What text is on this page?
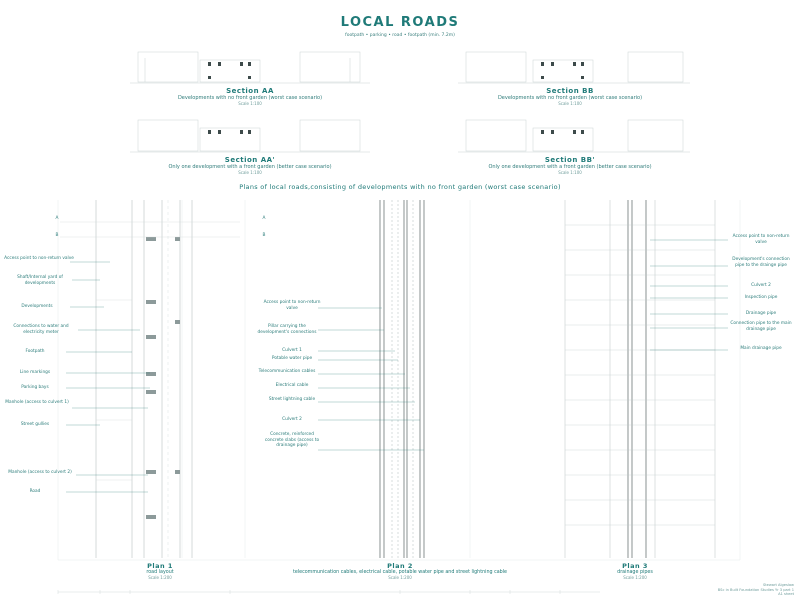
LOCAL ROADS
footpath • parking • road • footpath (min. 7.2m)
Section AA
Developments with no front garden (worst case scenario)
Scale 1:100
Section BB
Developments with no front garden (worst case scenario)
Scale 1:100
Section AA'
Only one development with a front garden (better case scenario)
Scale 1:100
Section BB'
Only one development with a front garden (better case scenario)
Scale 1:100
Plans of local roads,consisting of developments with no front garden (worst case scenario)
A
B
A
B
Access point to non-return valve
Shaft/Internal yard of developments
Developments
Connections to water and electricity meter
Footpath
Line markings
Parking bays
Manhole (access to culvert 1)
Street gullies
Manhole (access to culvert 2)
Road
Access point to non-return valve
Pillar carrying the development's connections
Culvert 1
Potable water pipe
Telecommunication cables
Electrical cable
Street lightning cable
Culvert 2
Concrete, reinforced concrete slabs (access to drainage pipe)
Access point to non-return valve
Development's connection pipe to the drainge pipe
Culvert 2
Inspection pipe
Drainage pipe
Connection pipe to the main drainage pipe
Main drainage pipe
Plan 1
road layout
Scale 1:200
Plan 2
telecommunication cables, electrical cable, potable water pipe and street lightning cable
Scale 1:200
Plan 3
drainage pipes
Scale 1:200
Stewart Algeslaw
BSc in Built Foundation Studies Yr 3 part 1
A1 sheet
